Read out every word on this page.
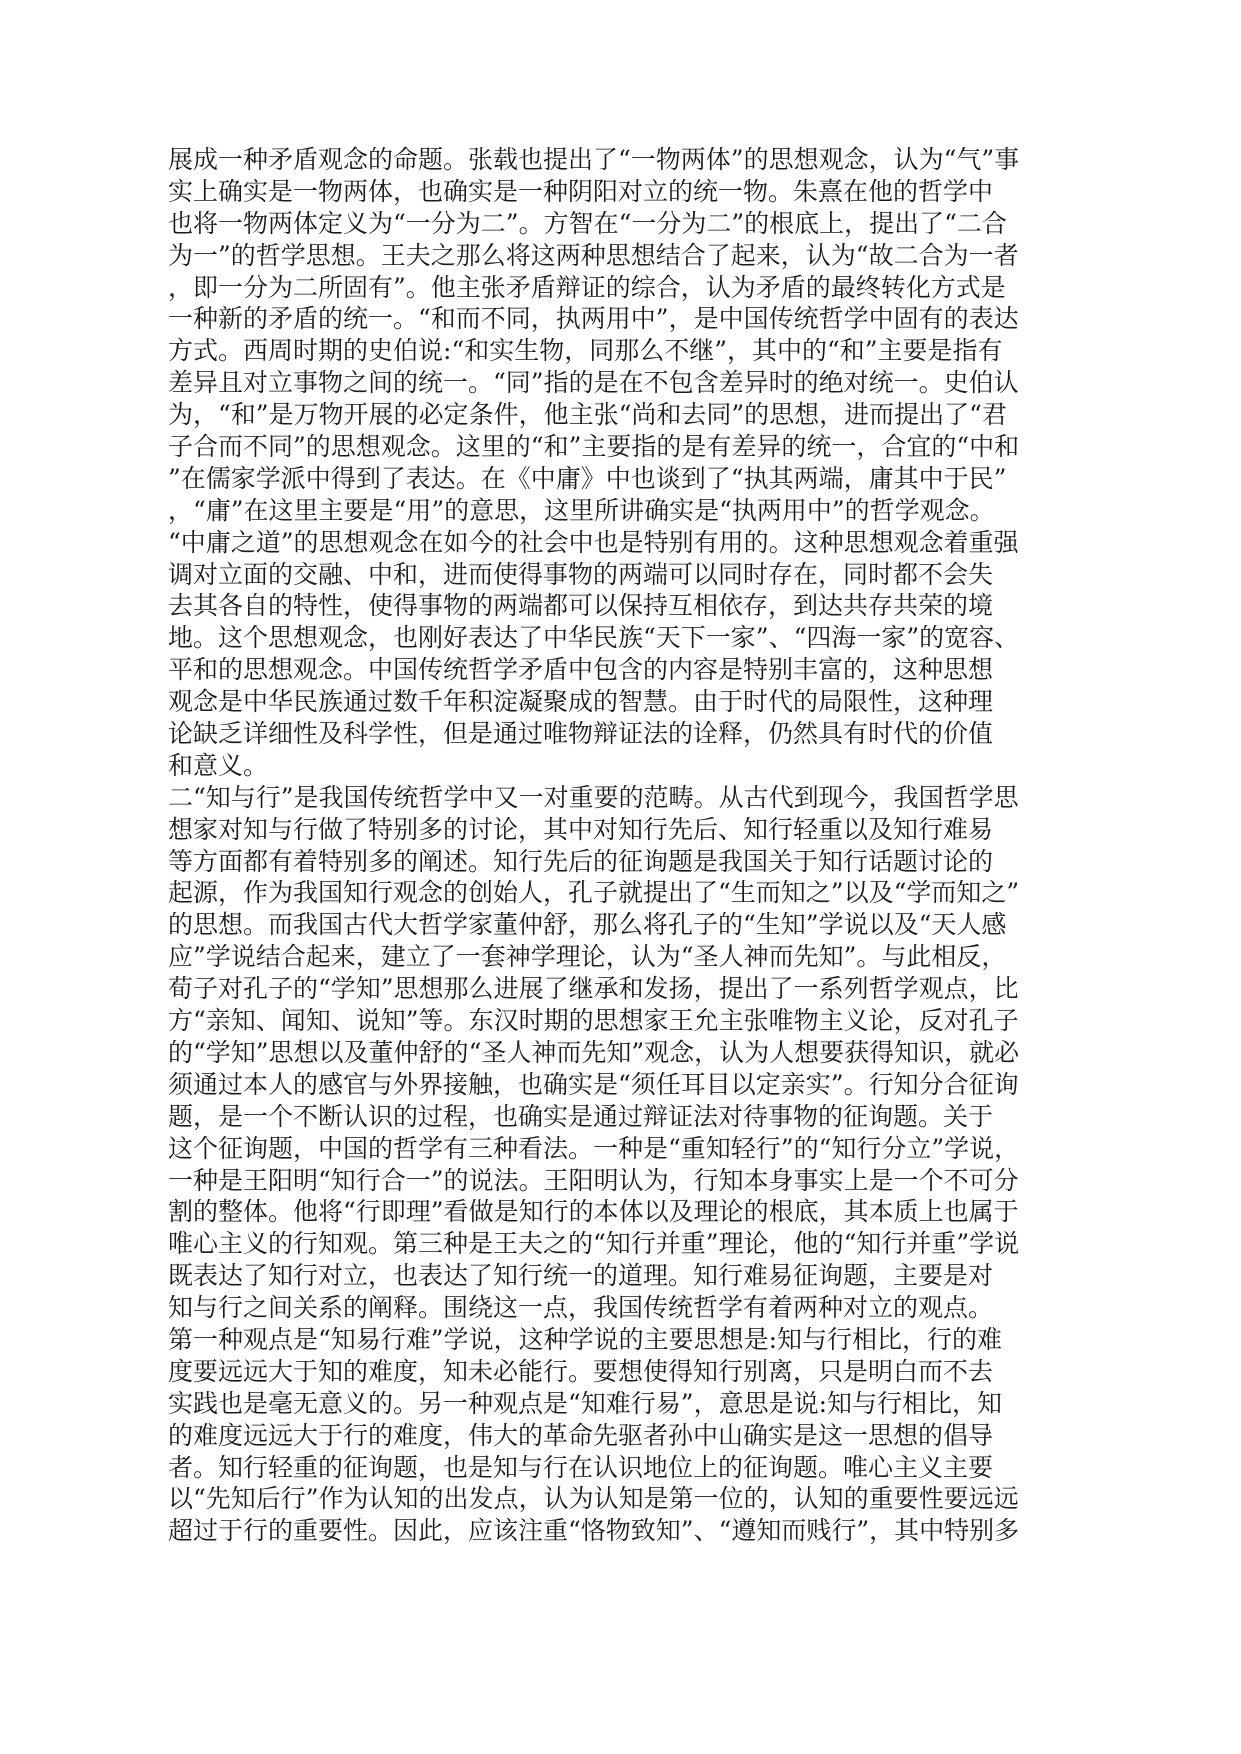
展成一种矛盾观念的命题。张载也提出了“一物两体”的思想观念，认为“气”事
实上确实是一物两体，也确实是一种阴阳对立的统一物。朱熹在他的哲学中
也将一物两体定义为“一分为二”。方智在“一分为二”的根底上，提出了“二合
为一”的哲学思想。王夫之那么将这两种思想结合了起来，认为“故二合为一者
，即一分为二所固有”。他主张矛盾辩证的综合，认为矛盾的最终转化方式是
一种新的矛盾的统一。“和而不同，执两用中”，是中国传统哲学中固有的表达
方式。西周时期的史伯说:“和实生物，同那么不继”，其中的“和”主要是指有
差异且对立事物之间的统一。“同”指的是在不包含差异时的绝对统一。史伯认
为，“和”是万物开展的必定条件，他主张“尚和去同”的思想，进而提出了“君
子合而不同”的思想观念。这里的“和”主要指的是有差异的统一，合宜的“中和
”在儒家学派中得到了表达。在《中庸》中也谈到了“执其两端，庸其中于民”
，“庸”在这里主要是“用”的意思，这里所讲确实是“执两用中”的哲学观念。
“中庸之道”的思想观念在如今的社会中也是特别有用的。这种思想观念着重强
调对立面的交融、中和，进而使得事物的两端可以同时存在，同时都不会失
去其各自的特性，使得事物的两端都可以保持互相依存，到达共存共荣的境
地。这个思想观念，也刚好表达了中华民族“天下一家”、“四海一家”的宽容、
平和的思想观念。中国传统哲学矛盾中包含的内容是特别丰富的，这种思想
观念是中华民族通过数千年积淀凝聚成的智慧。由于时代的局限性，这种理
论缺乏详细性及科学性，但是通过唯物辩证法的诠释，仍然具有时代的价值
和意义。
二“知与行”是我国传统哲学中又一对重要的范畴。从古代到现今，我国哲学思
想家对知与行做了特别多的讨论，其中对知行先后、知行轻重以及知行难易
等方面都有着特别多的阐述。知行先后的征询题是我国关于知行话题讨论的
起源，作为我国知行观念的创始人，孔子就提出了“生而知之”以及“学而知之”
的思想。而我国古代大哲学家董仲舒，那么将孔子的“生知”学说以及“天人感
应”学说结合起来，建立了一套神学理论，认为“圣人神而先知”。与此相反，
荀子对孔子的“学知”思想那么进展了继承和发扬，提出了一系列哲学观点，比
方“亲知、闻知、说知”等。东汉时期的思想家王允主张唯物主义论，反对孔子
的“学知”思想以及董仲舒的“圣人神而先知”观念，认为人想要获得知识，就必
须通过本人的感官与外界接触，也确实是“须任耳目以定亲实”。行知分合征询
题，是一个不断认识的过程，也确实是通过辩证法对待事物的征询题。关于
这个征询题，中国的哲学有三种看法。一种是“重知轻行”的“知行分立”学说，
一种是王阳明“知行合一”的说法。王阳明认为，行知本身事实上是一个不可分
割的整体。他将“行即理”看做是知行的本体以及理论的根底，其本质上也属于
唯心主义的行知观。第三种是王夫之的“知行并重”理论，他的“知行并重”学说
既表达了知行对立，也表达了知行统一的道理。知行难易征询题，主要是对
知与行之间关系的阐释。围绕这一点，我国传统哲学有着两种对立的观点。
第一种观点是“知易行难”学说，这种学说的主要思想是:知与行相比，行的难
度要远远大于知的难度，知未必能行。要想使得知行别离，只是明白而不去
实践也是毫无意义的。另一种观点是“知难行易”，意思是说:知与行相比，知
的难度远远大于行的难度，伟大的革命先驱者孙中山确实是这一思想的倡导
者。知行轻重的征询题，也是知与行在认识地位上的征询题。唯心主义主要
以“先知后行”作为认知的出发点，认为认知是第一位的，认知的重要性要远远
超过于行的重要性。因此，应该注重“恪物致知”、“遵知而贱行”，其中特别多
